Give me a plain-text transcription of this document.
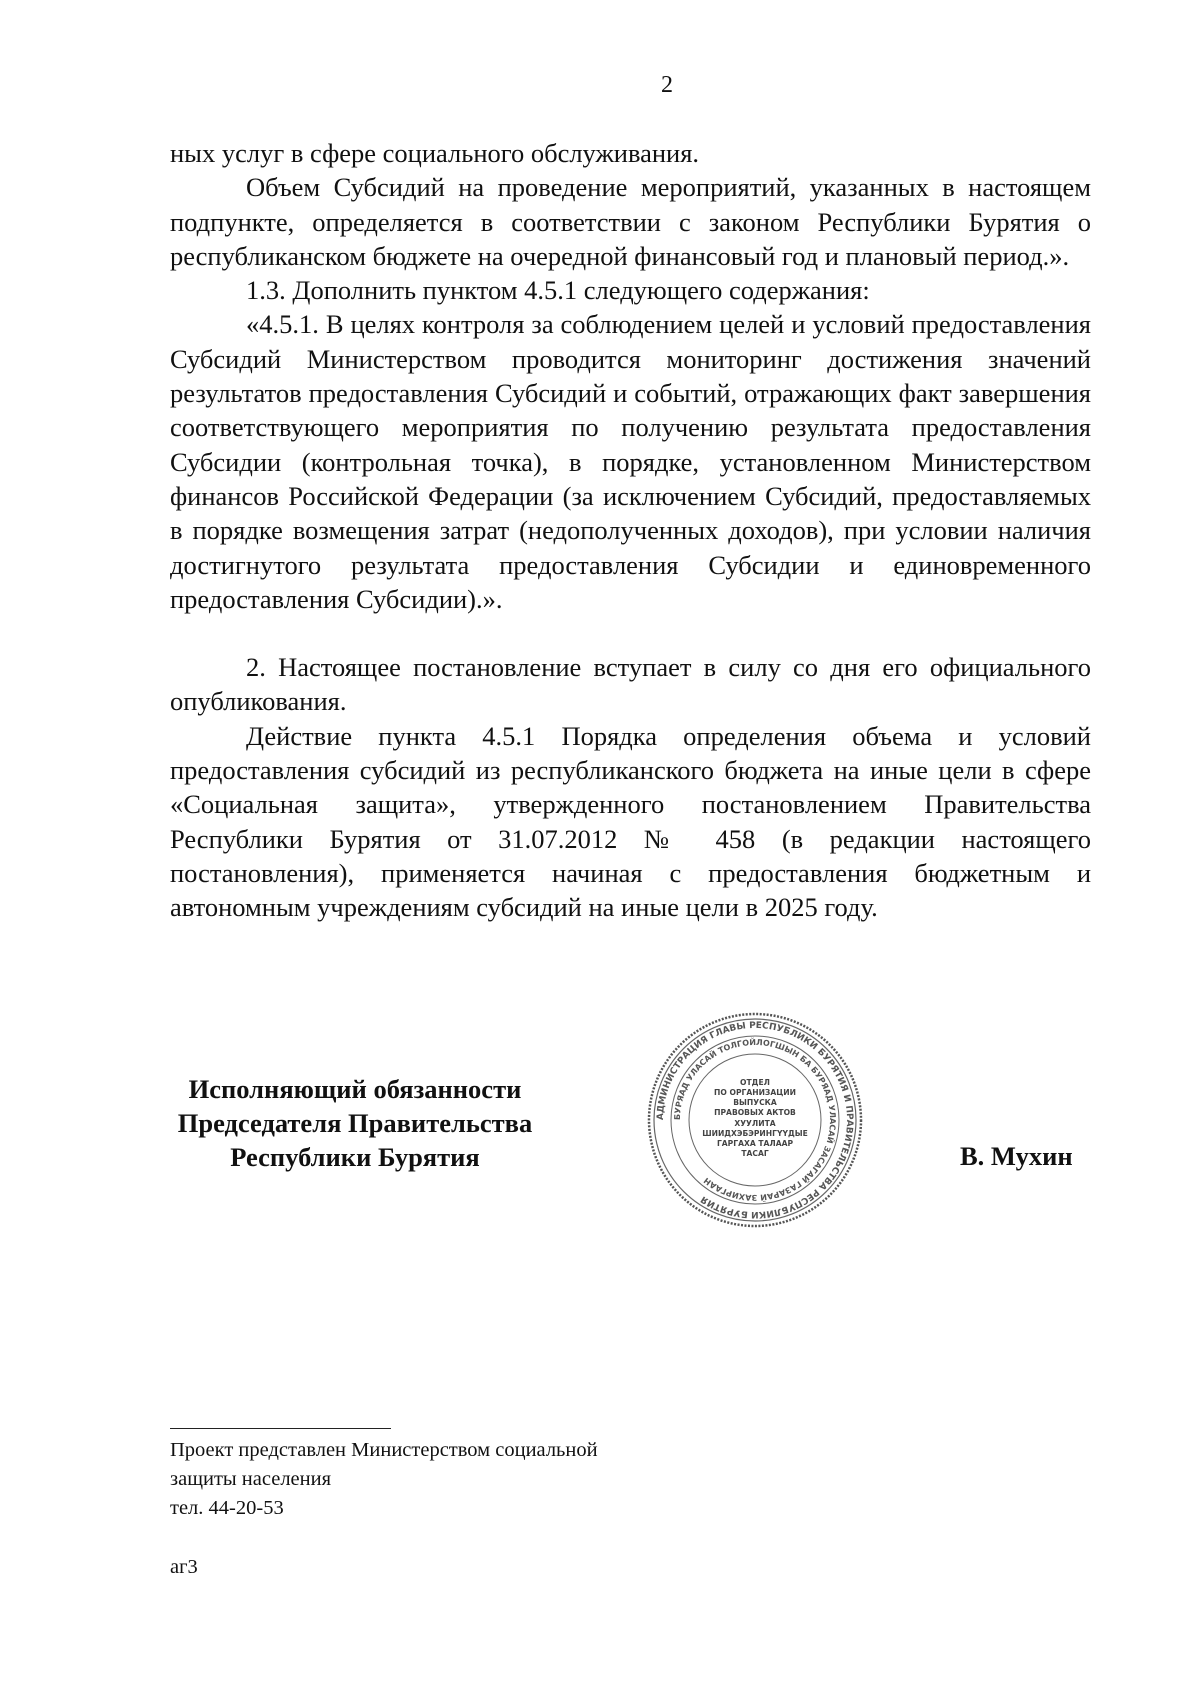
2

ных услуг в сфере социального обслуживания.

Объем Субсидий на проведение мероприятий, указанных в настоящем подпункте, определяется в соответствии с законом Республики Бурятия о республиканском бюджете на очередной финансовый год и плановый период.».

1.3. Дополнить пунктом 4.5.1 следующего содержания:

«4.5.1. В целях контроля за соблюдением целей и условий предоставления Субсидий Министерством проводится мониторинг достижения значений результатов предоставления Субсидий и событий, отражающих факт завершения соответствующего мероприятия по получению результата предоставления Субсидии (контрольная точка), в порядке, установленном Министерством финансов Российской Федерации (за исключением Субсидий, предоставляемых в порядке возмещения затрат (недополученных доходов), при условии наличия достигнутого результата предоставления Субсидии и единовременного предоставления Субсидии).».

2. Настоящее постановление вступает в силу со дня его официального опубликования.

Действие пункта 4.5.1 Порядка определения объема и условий предоставления субсидий из республиканского бюджета на иные цели в сфере «Социальная защита», утвержденного постановлением Правительства Республики Бурятия от 31.07.2012 № 458 (в редакции настоящего постановления), применяется начиная с предоставления бюджетным и автономным учреждениям субсидий на иные цели в 2025 году.

Исполняющий обязанности
Председателя Правительства
Республики Бурятия
АДМИНИСТРАЦИЯ ГЛАВЫ РЕСПУБЛИКИ БУРЯТИЯ И ПРАВИТЕЛЬСТВА РЕСПУБЛИКИ БУРЯТИЯ
БУРЯАД УЛАСАЙ ТОЛГОЙЛОГШЫН БА БУРЯАД УЛАСАЙ ЗАСАГАЙ ГАЗАРАЙ ЗАХИРГААН
ОТДЕЛ
ПО ОРГАНИЗАЦИИ
ВЫПУСКА
ПРАВОВЫХ АКТОВ
ХУУЛИТА
ШИИДХЭБЭРИНГҮҮДЫЕ
ГАРГАХА ТАЛААР
ТАСАГ	В. Мухин
Проект представлен Министерством социальной
защиты населения
тел. 44-20-53
аг3
